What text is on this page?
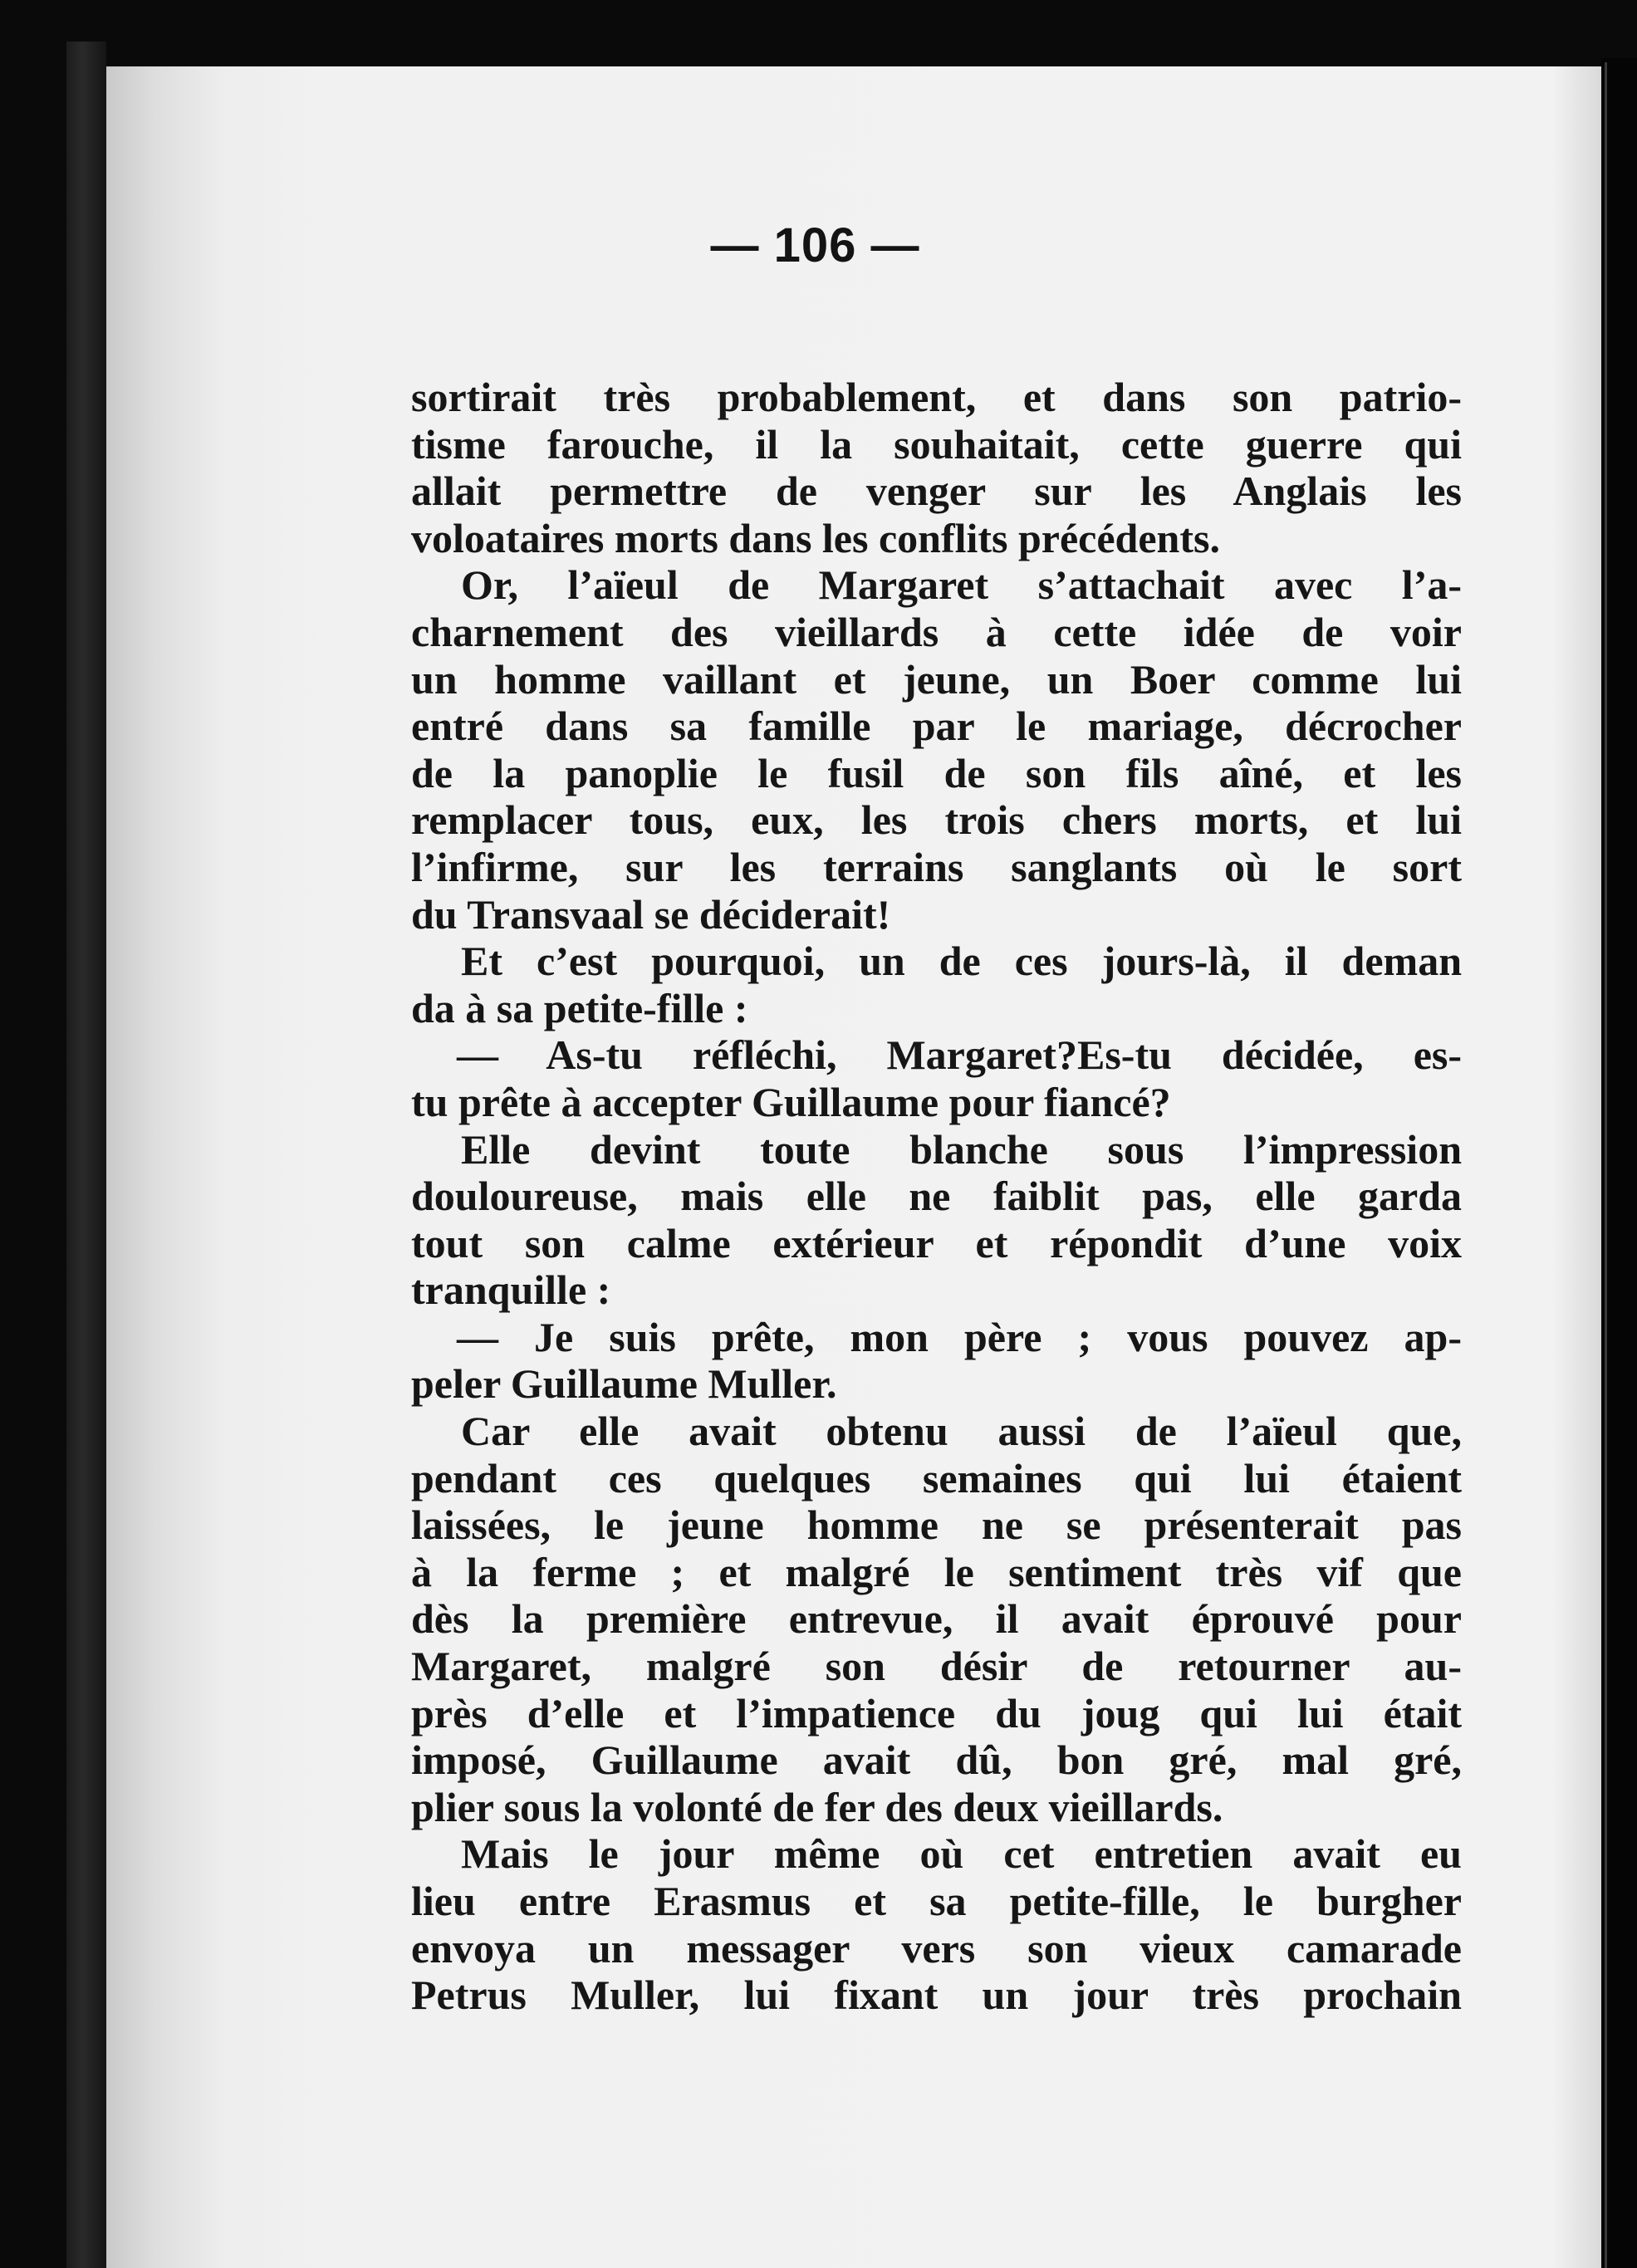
— 106 —
sortirait très probablement, et dans son patrio-
tisme farouche, il la souhaitait, cette guerre qui
allait permettre de venger sur les Anglais les
voloataires morts dans les conflits précédents.
Or, l’aïeul de Margaret s’attachait avec l’a-
charnement des vieillards à cette idée de voir
un homme vaillant et jeune, un Boer comme lui
entré dans sa famille par le mariage, décrocher
de la panoplie le fusil de son fils aîné, et les
remplacer tous, eux, les trois chers morts, et lui
l’infirme, sur les terrains sanglants où le sort
du Transvaal se déciderait!
Et c’est pourquoi, un de ces jours-là, il deman
da à sa petite-fille :
— As-tu réfléchi, Margaret?Es-tu décidée, es-
tu prête à accepter Guillaume pour fiancé?
Elle devint toute blanche sous l’impression
douloureuse, mais elle ne faiblit pas, elle garda
tout son calme extérieur et répondit d’une voix
tranquille :
— Je suis prête, mon père ; vous pouvez ap-
peler Guillaume Muller.
Car elle avait obtenu aussi de l’aïeul que,
pendant ces quelques semaines qui lui étaient
laissées, le jeune homme ne se présenterait pas
à la ferme ; et malgré le sentiment très vif que
dès la première entrevue, il avait éprouvé pour
Margaret, malgré son désir de retourner au-
près d’elle et l’impatience du joug qui lui était
imposé, Guillaume avait dû, bon gré, mal gré,
plier sous la volonté de fer des deux vieillards.
Mais le jour même où cet entretien avait eu
lieu entre Erasmus et sa petite-fille, le burgher
envoya un messager vers son vieux camarade
Petrus Muller, lui fixant un jour très prochain
